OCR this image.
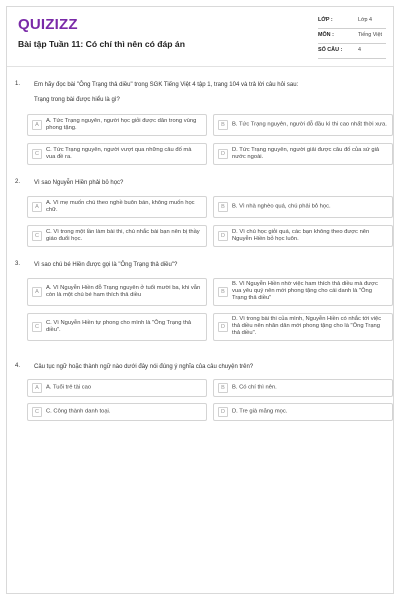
QUIZIZZ
Bài tập Tuần 11: Có chí thì nên có đáp án
LỚP :	Lớp 4
MÔN :	Tiếng Việt
SỐ CÂU :	4
1. Em hãy đọc bài "Ông Trạng thả diều" trong SGK Tiếng Việt 4 tập 1, trang 104 và trả lời câu hỏi sau:
Trạng trong bài được hiểu là gì?
A
A. Tức Trạng nguyên, người học giỏi được dân trong vùng phong tặng.	B	B. Tức Trạng nguyên, người đỗ đầu kì thi cao nhất thời xưa.
C
C. Tức Trạng nguyên, người vượt qua những câu đố mà vua đề ra.	D
D. Tức Trạng nguyên, người giải được câu đố của sứ giả nước ngoài.
2. Vì sao Nguyễn Hiền phải bỏ học?
A
A. Vì mẹ muốn chú theo nghề buôn bán, không muốn học chữ.	B	B. Vì nhà nghèo quá, chú phải bỏ học.
C
C. Vì trong một lần làm bài thi, chú nhắc bài bạn nên bị thầy giáo đuổi học.	D
D. Vì chú học giỏi quá, các bạn không theo được nên Nguyễn Hiền bỏ học luôn.
3. Vì sao chú bé Hiền được gọi là "Ông Trạng thả diều"?
A
A. Vì Nguyễn Hiền đỗ Trạng nguyên ở tuổi mười ba, khi vẫn còn là một chú bé ham thích thả diều	B
B. Vì Nguyễn Hiền nhờ việc ham thích thả diều mà được vua yêu quý nên mới phong tặng cho cái danh là "Ông Trạng thả diều"
C
C. Vì Nguyễn Hiền tự phong cho mình là "Ông Trạng thả diều".	D
D. Vì trong bài thi của mình, Nguyễn Hiền có nhắc tới việc thả diều nên nhân dân mới phong tặng cho là "Ông Trạng thả diều".
4. Câu tục ngữ hoặc thành ngữ nào dưới đây nói đúng ý nghĩa của câu chuyện trên?
A	A. Tuổi trẻ tài cao	B	B. Có chí thì nên.
C	C. Công thành danh toại.	D	D. Tre già măng mọc.
